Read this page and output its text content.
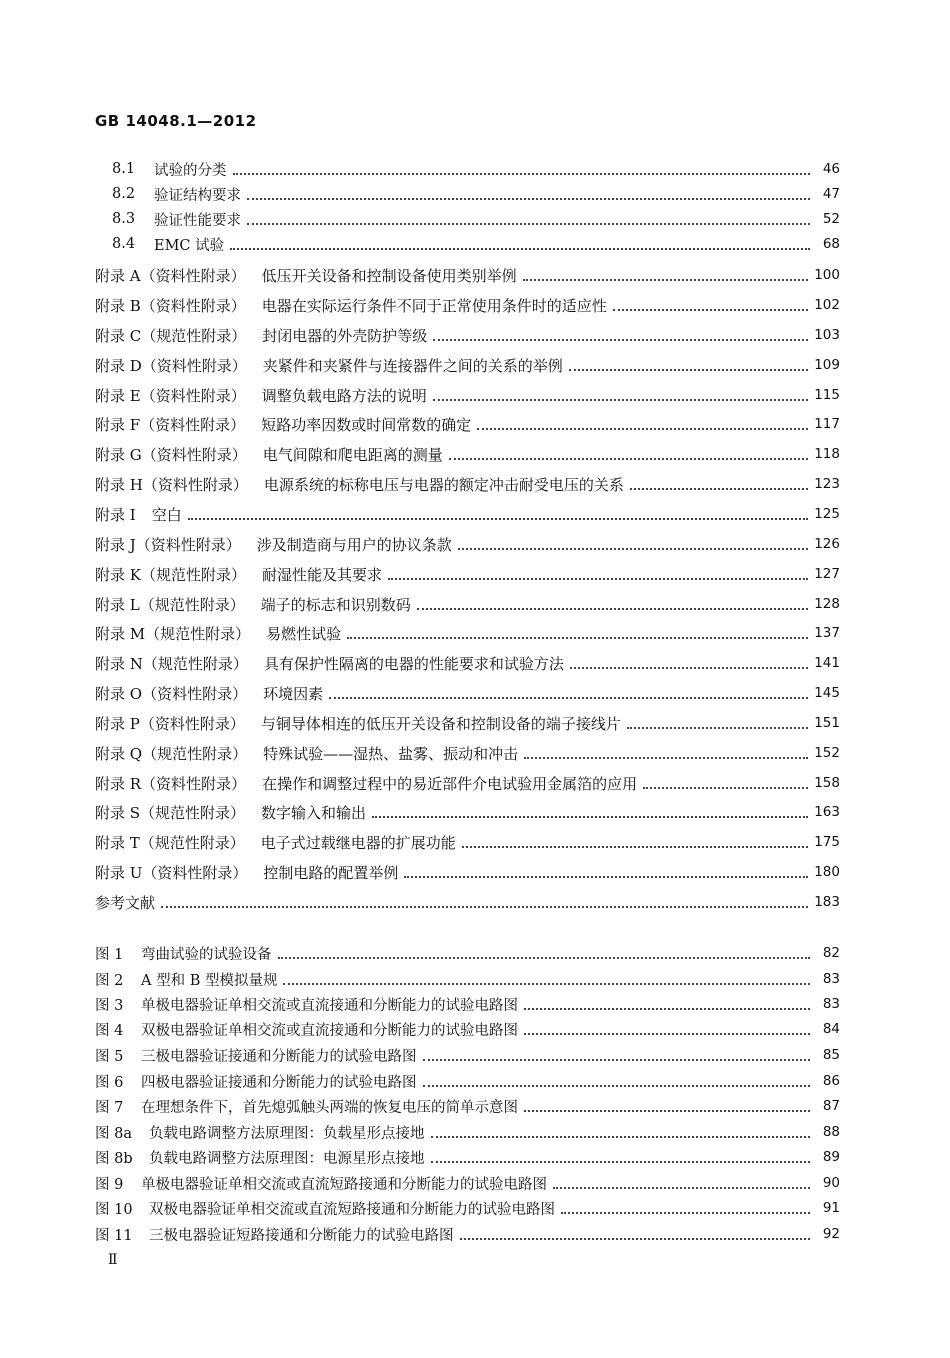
GB 14048.1—2012
8.1	试验的分类	46
8.2	验证结构要求	47
8.3	验证性能要求	52
8.4	EMC 试验	68
附录 A（资料性附录） 低压开关设备和控制设备使用类别举例	100
附录 B（资料性附录） 电器在实际运行条件不同于正常使用条件时的适应性	102
附录 C（规范性附录） 封闭电器的外壳防护等级	103
附录 D（资料性附录） 夹紧件和夹紧件与连接器件之间的关系的举例	109
附录 E（资料性附录） 调整负载电路方法的说明	115
附录 F（资料性附录） 短路功率因数或时间常数的确定	117
附录 G（资料性附录） 电气间隙和爬电距离的测量	118
附录 H（资料性附录） 电源系统的标称电压与电器的额定冲击耐受电压的关系	123
附录 I 空白	125
附录 J（资料性附录） 涉及制造商与用户的协议条款	126
附录 K（规范性附录） 耐湿性能及其要求	127
附录 L（规范性附录） 端子的标志和识别数码	128
附录 M（规范性附录） 易燃性试验	137
附录 N（规范性附录） 具有保护性隔离的电器的性能要求和试验方法	141
附录 O（资料性附录） 环境因素	145
附录 P（资料性附录） 与铜导体相连的低压开关设备和控制设备的端子接线片	151
附录 Q（规范性附录） 特殊试验——湿热、盐雾、振动和冲击	152
附录 R（资料性附录） 在操作和调整过程中的易近部件介电试验用金属箔的应用	158
附录 S（规范性附录） 数字输入和输出	163
附录 T（规范性附录） 电子式过载继电器的扩展功能	175
附录 U（资料性附录） 控制电路的配置举例	180
参考文献	183
图 1	弯曲试验的试验设备	82
图 2	A 型和 B 型模拟量规	83
图 3	单极电器验证单相交流或直流接通和分断能力的试验电路图	83
图 4	双极电器验证单相交流或直流接通和分断能力的试验电路图	84
图 5	三极电器验证接通和分断能力的试验电路图	85
图 6	四极电器验证接通和分断能力的试验电路图	86
图 7	在理想条件下，首先熄弧触头两端的恢复电压的简单示意图	87
图 8a	负载电路调整方法原理图：负载星形点接地	88
图 8b	负载电路调整方法原理图：电源星形点接地	89
图 9	单极电器验证单相交流或直流短路接通和分断能力的试验电路图	90
图 10	双极电器验证单相交流或直流短路接通和分断能力的试验电路图	91
图 11	三极电器验证短路接通和分断能力的试验电路图	92
Ⅱ
